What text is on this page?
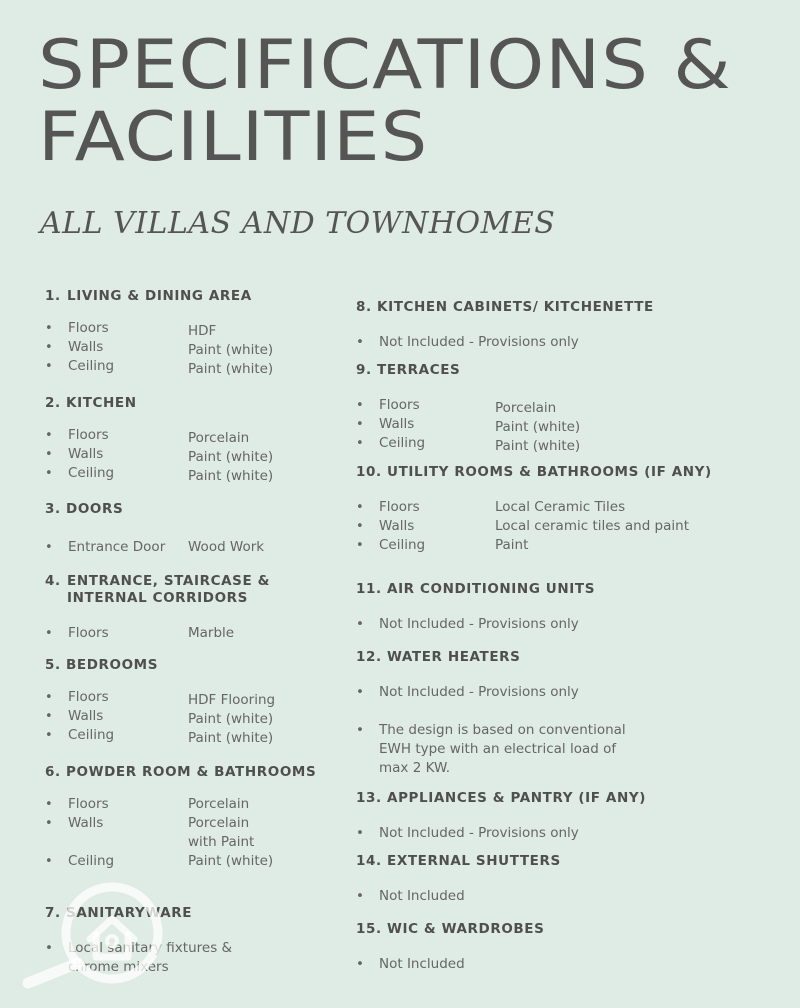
SPECIFICATIONS &
FACILITIES
ALL VILLAS AND TOWNHOMES

1. LIVING & DINING AREA

• Floors	HDF
• Walls	Paint (white)
• Ceiling	Paint (white)

2. KITCHEN

• Floors	Porcelain
• Walls	Paint (white)
• Ceiling	Paint (white)

3. DOORS

• Entrance Door Wood Work

4. ENTRANCE, STAIRCASE &
INTERNAL CORRIDORS

• Floors	Marble

5. BEDROOMS

• Floors	HDF Flooring
• Walls	Paint (white)
• Ceiling	Paint (white)

6. POWDER ROOM & BATHROOMS

• Floors	Porcelain
• Walls	Porcelain
with Paint
• Ceiling	Paint (white)

7. SANITARYWARE

• Local sanitary fixtures &
chrome mixers

8. KITCHEN CABINETS/ KITCHENETTE

• Not Included - Provisions only

9. TERRACES

• Floors	Porcelain
• Walls	Paint (white)
• Ceiling	Paint (white)

10. UTILITY ROOMS & BATHROOMS (IF ANY)

• Floors	Local Ceramic Tiles
• Walls	Local ceramic tiles and paint
• Ceiling	Paint

11. AIR CONDITIONING UNITS

• Not Included - Provisions only

12. WATER HEATERS

• Not Included - Provisions only
• The design is based on conventional
EWH type with an electrical load of
max 2 KW.

13. APPLIANCES & PANTRY (IF ANY)

• Not Included - Provisions only

14. EXTERNAL SHUTTERS

• Not Included

15. WIC & WARDROBES

• Not Included
